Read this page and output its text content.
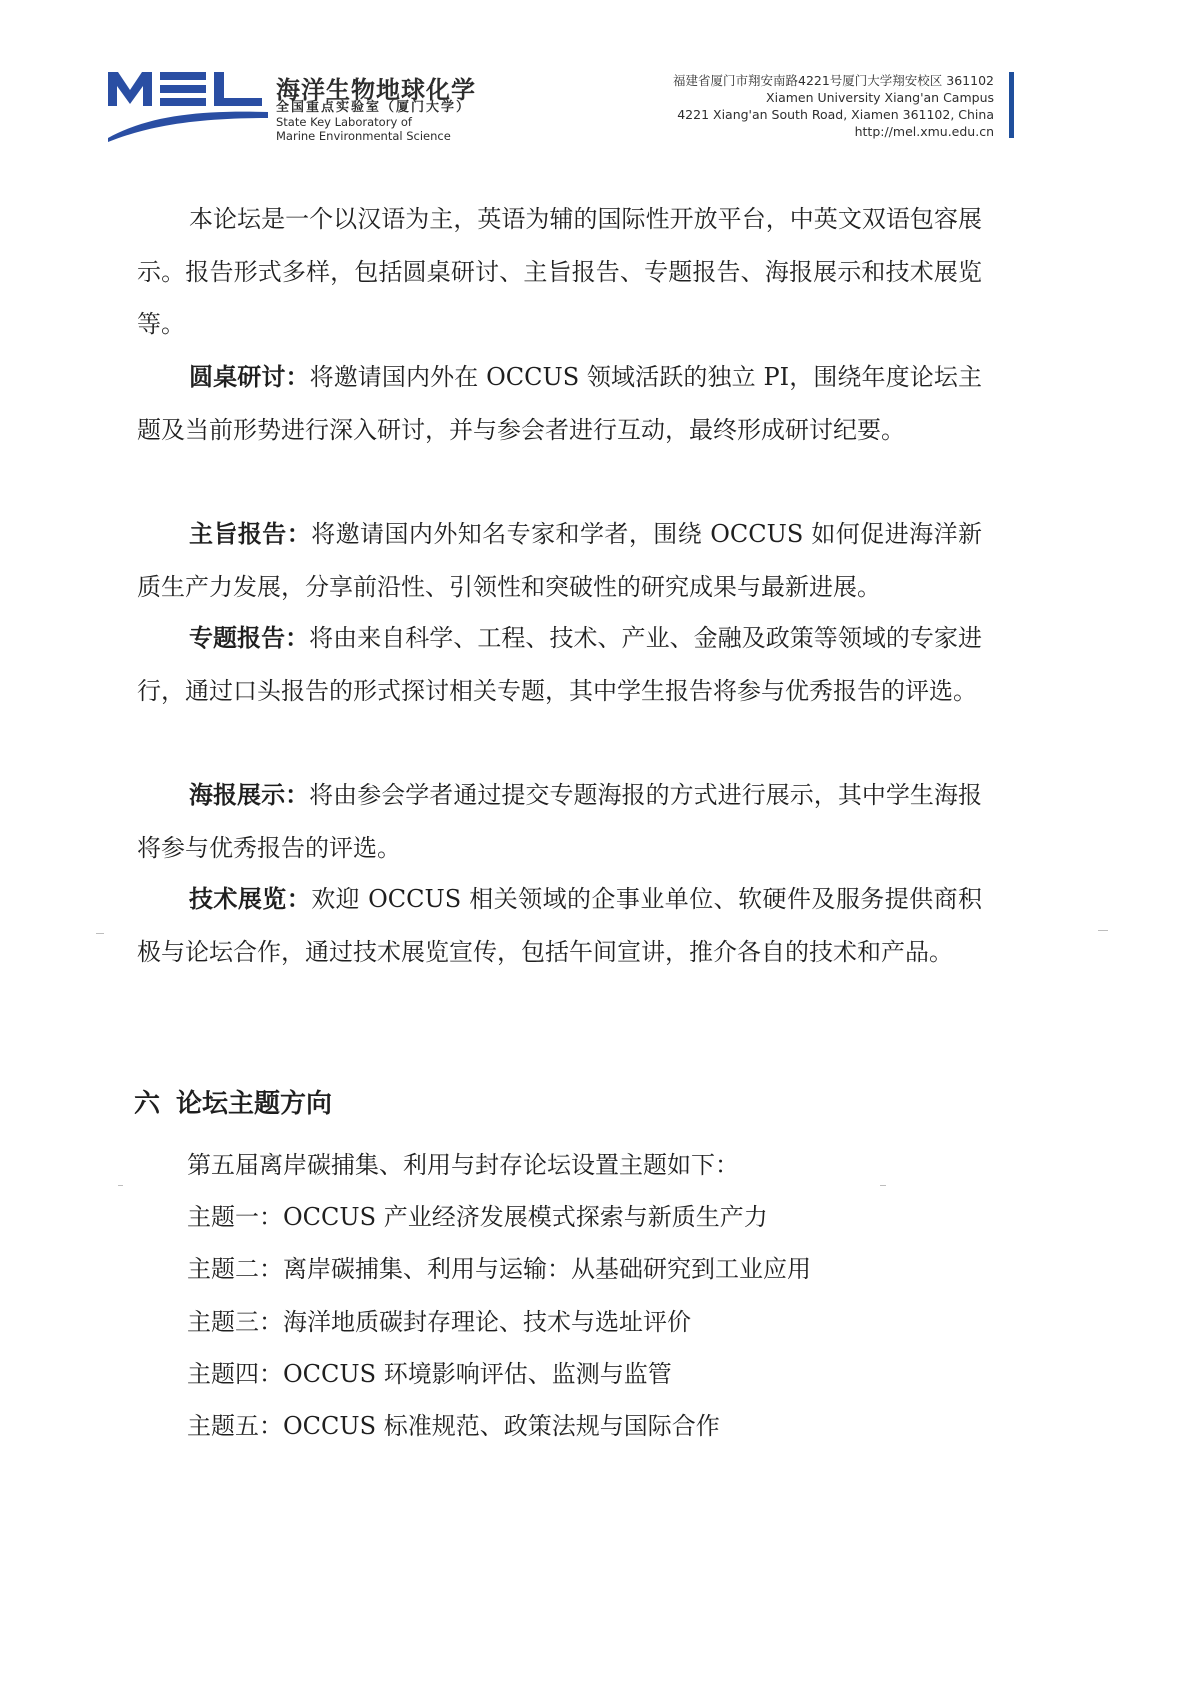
海洋生物地球化学
全国重点实验室（厦门大学）
State Key Laboratory of
Marine Environmental Science
福建省厦门市翔安南路4221号厦门大学翔安校区 361102
Xiamen University Xiang'an Campus
4221 Xiang'an South Road, Xiamen 361102, China
http://mel.xmu.edu.cn

本论坛是一个以汉语为主，英语为辅的国际性开放平台，中英文双语包容展示。报告形式多样，包括圆桌研讨、主旨报告、专题报告、海报展示和技术展览等。

圆桌研讨：将邀请国内外在 OCCUS 领域活跃的独立 PI，围绕年度论坛主题及当前形势进行深入研讨，并与参会者进行互动，最终形成研讨纪要。

主旨报告：将邀请国内外知名专家和学者，围绕 OCCUS 如何促进海洋新质生产力发展，分享前沿性、引领性和突破性的研究成果与最新进展。

专题报告：将由来自科学、工程、技术、产业、金融及政策等领域的专家进行，通过口头报告的形式探讨相关专题，其中学生报告将参与优秀报告的评选。

海报展示：将由参会学者通过提交专题海报的方式进行展示，其中学生海报将参与优秀报告的评选。

技术展览：欢迎 OCCUS 相关领域的企事业单位、软硬件及服务提供商积极与论坛合作，通过技术展览宣传，包括午间宣讲，推介各自的技术和产品。

六 论坛主题方向

第五届离岸碳捕集、利用与封存论坛设置主题如下：

主题一：OCCUS 产业经济发展模式探索与新质生产力

主题二：离岸碳捕集、利用与运输：从基础研究到工业应用

主题三：海洋地质碳封存理论、技术与选址评价

主题四：OCCUS 环境影响评估、监测与监管

主题五：OCCUS 标准规范、政策法规与国际合作
